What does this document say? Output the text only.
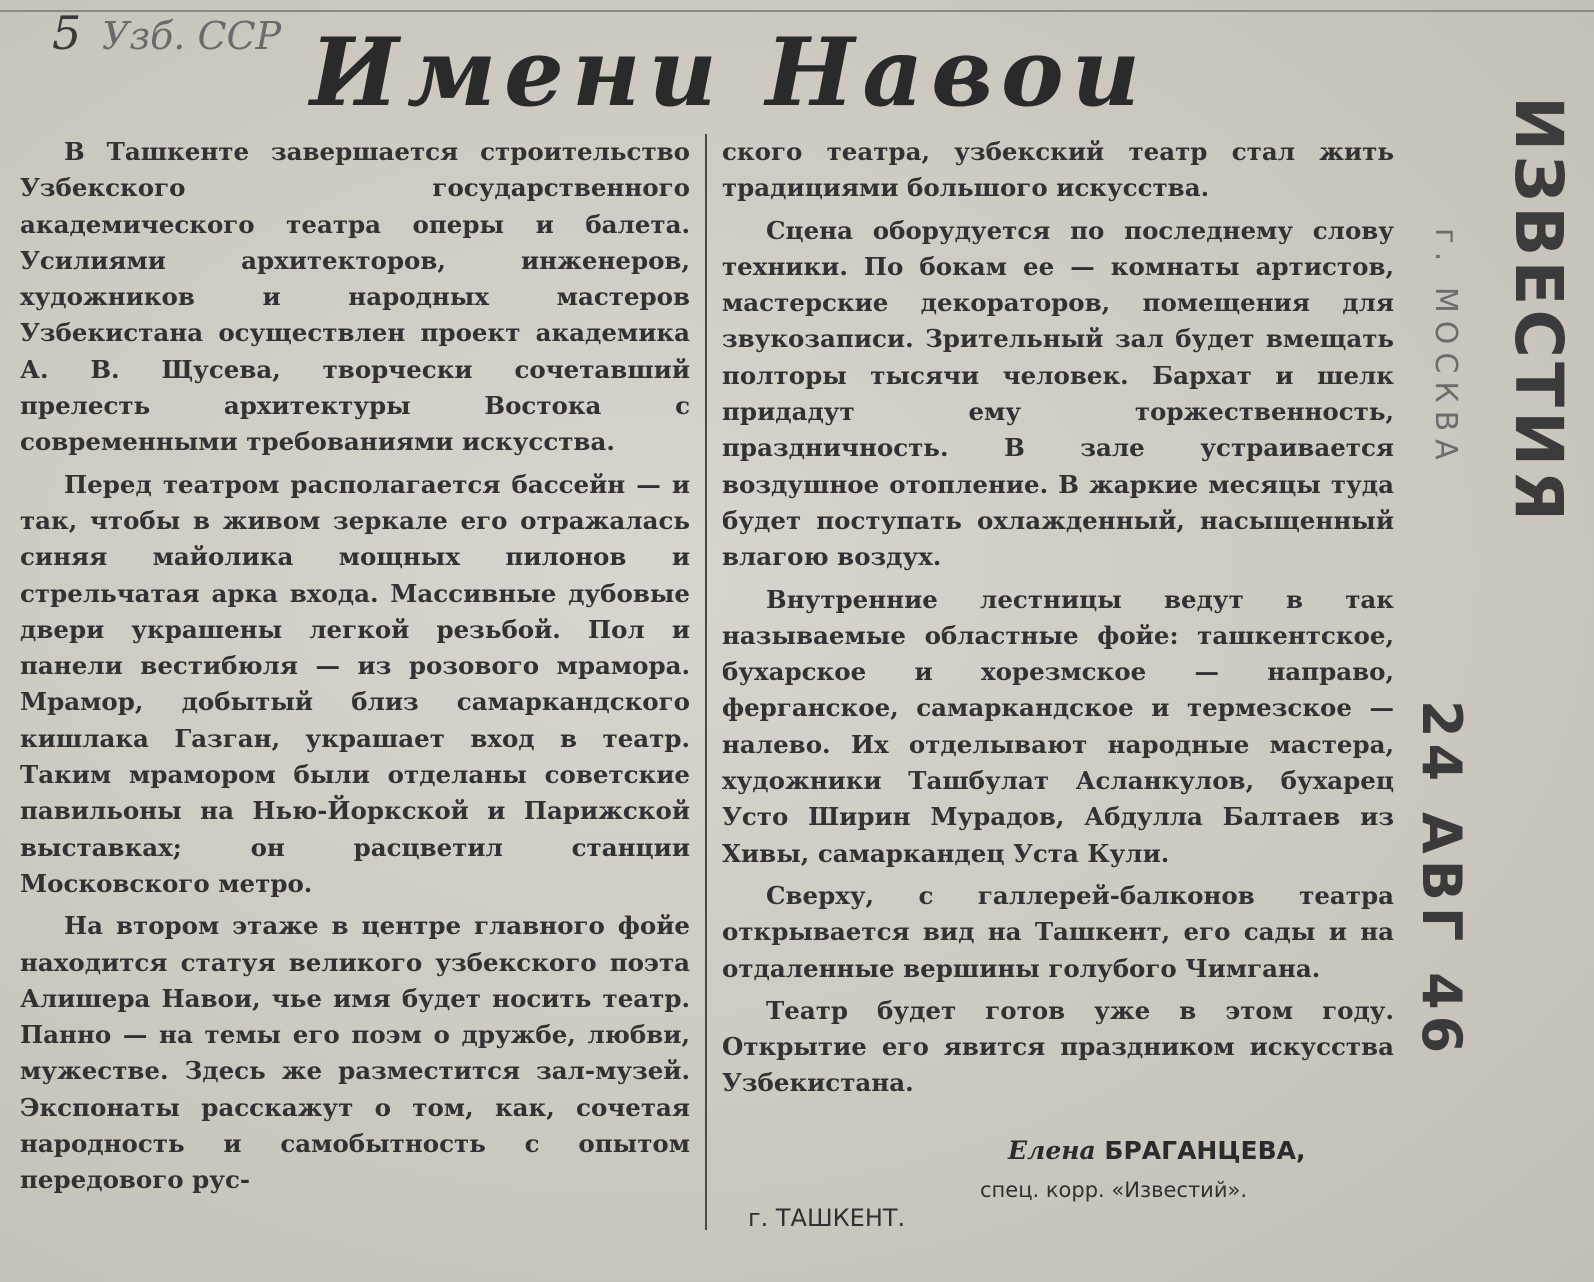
5 Узб. ССР Имени Навои

В Ташкенте завершается строительство Узбекского государственного академического театра оперы и балета. Усилиями архитекторов, инженеров, художников и народных мастеров Узбекистана осуществлен проект академика А. В. Щусева, творчески сочетавший прелесть архитектуры Востока с современными требованиями искусства.

Перед театром располагается бассейн — и так, чтобы в живом зеркале его отражалась синяя майолика мощных пилонов и стрельчатая арка входа. Массивные дубовые двери украшены легкой резьбой. Пол и панели вестибюля — из розового мрамора. Мрамор, добытый близ самаркандского кишлака Газган, украшает вход в театр. Таким мрамором были отделаны советские павильоны на Нью-Йоркской и Парижской выставках; он расцветил станции Московского метро.

На втором этаже в центре главного фойе находится статуя великого узбекского поэта Алишера Навои, чье имя будет носить театр. Панно — на темы его поэм о дружбе, любви, мужестве. Здесь же разместится зал-музей. Экспонаты расскажут о том, как, сочетая народность и самобытность с опытом передового рус-

ского театра, узбекский театр стал жить традициями большого искусства.

Сцена оборудуется по последнему слову техники. По бокам ее — комнаты артистов, мастерские декораторов, помещения для звукозаписи. Зрительный зал будет вмещать полторы тысячи человек. Бархат и шелк придадут ему торжественность, праздничность. В зале устраивается воздушное отопление. В жаркие месяцы туда будет поступать охлажденный, насыщенный влагою воздух.

Внутренние лестницы ведут в так называемые областные фойе: ташкентское, бухарское и хорезмское — направо, ферганское, самаркандское и термезское — налево. Их отделывают народные мастера, художники Ташбулат Асланкулов, бухарец Усто Ширин Мурадов, Абдулла Балтаев из Хивы, самаркандец Уста Кули.

Сверху, с галлерей-балконов театра открывается вид на Ташкент, его сады и на отдаленные вершины голубого Чимгана.

Театр будет готов уже в этом году. Открытие его явится праздником искусства Узбекистана.

Елена БРАГАНЦЕВА,
спец. корр. «Известий».
г. ТАШКЕНТ.
ИЗВЕСТИЯ
г. МОСКВА
24 АВГ 46
